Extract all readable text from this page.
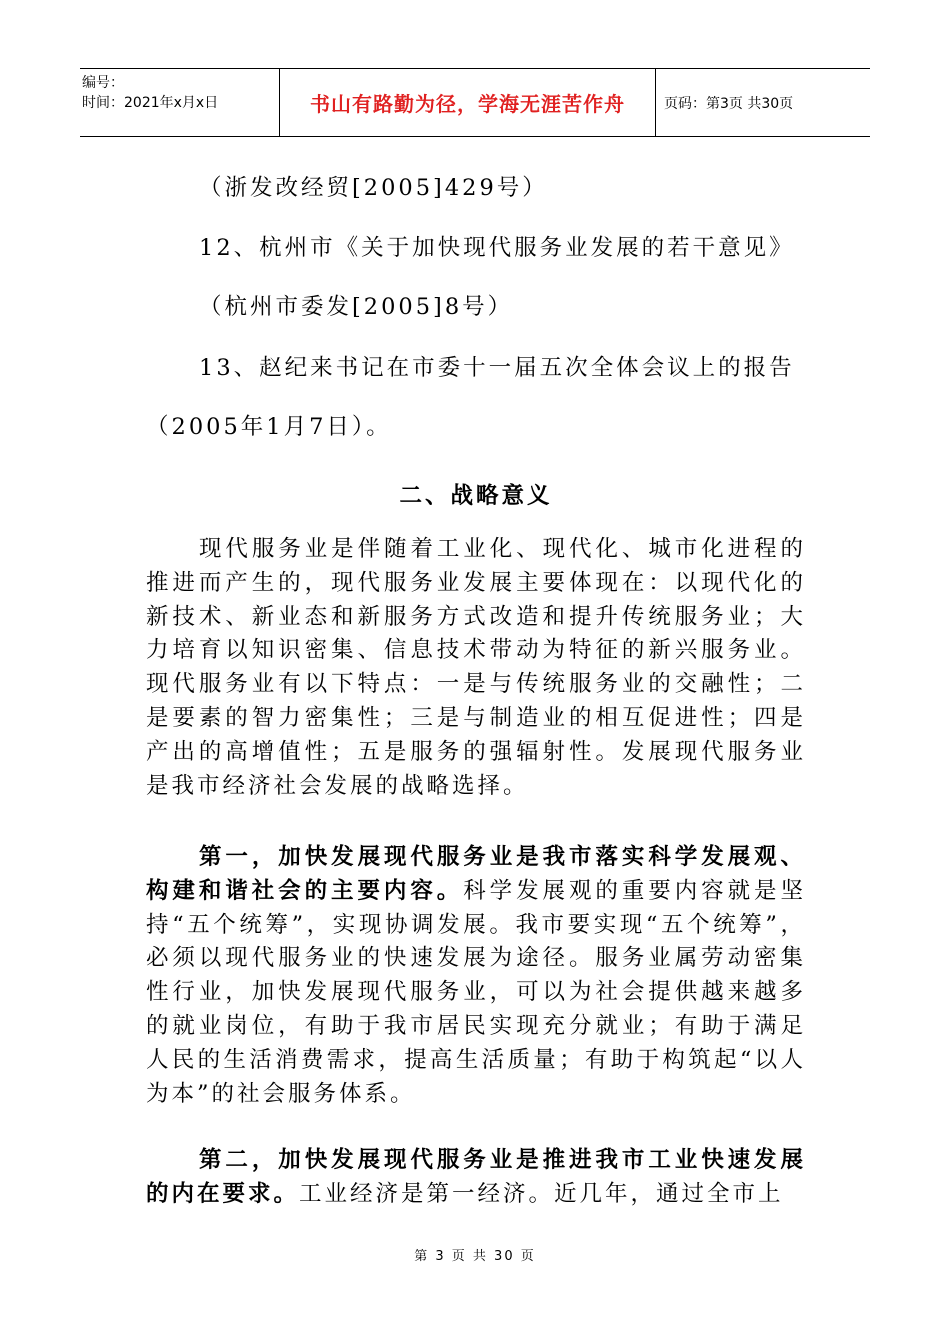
编号：
时间：2021年x月x日	书山有路勤为径，学海无涯苦作舟	页码：第3页 共30页
（浙发改经贸[2005]429号）
12、杭州市《关于加快现代服务业发展的若干意见》
（杭州市委发[2005]8号）
13、赵纪来书记在市委十一届五次全体会议上的报告
（2005年1月7日）。
二、战略意义
现代服务业是伴随着工业化、现代化、城市化进程的推进而产生的，现代服务业发展主要体现在：以现代化的新技术、新业态和新服务方式改造和提升传统服务业；大力培育以知识密集、信息技术带动为特征的新兴服务业。现代服务业有以下特点：一是与传统服务业的交融性；二是要素的智力密集性；三是与制造业的相互促进性；四是产出的高增值性；五是服务的强辐射性。发展现代服务业是我市经济社会发展的战略选择。
第一，加快发展现代服务业是我市落实科学发展观、构建和谐社会的主要内容。科学发展观的重要内容就是坚持“五个统筹”，实现协调发展。我市要实现“五个统筹”，必须以现代服务业的快速发展为途径。服务业属劳动密集性行业，加快发展现代服务业，可以为社会提供越来越多的就业岗位，有助于我市居民实现充分就业；有助于满足人民的生活消费需求，提高生活质量；有助于构筑起“以人为本”的社会服务体系。
第二，加快发展现代服务业是推进我市工业快速发展的内在要求。工业经济是第一经济。近几年，通过全市上
第 3 页 共 30 页
